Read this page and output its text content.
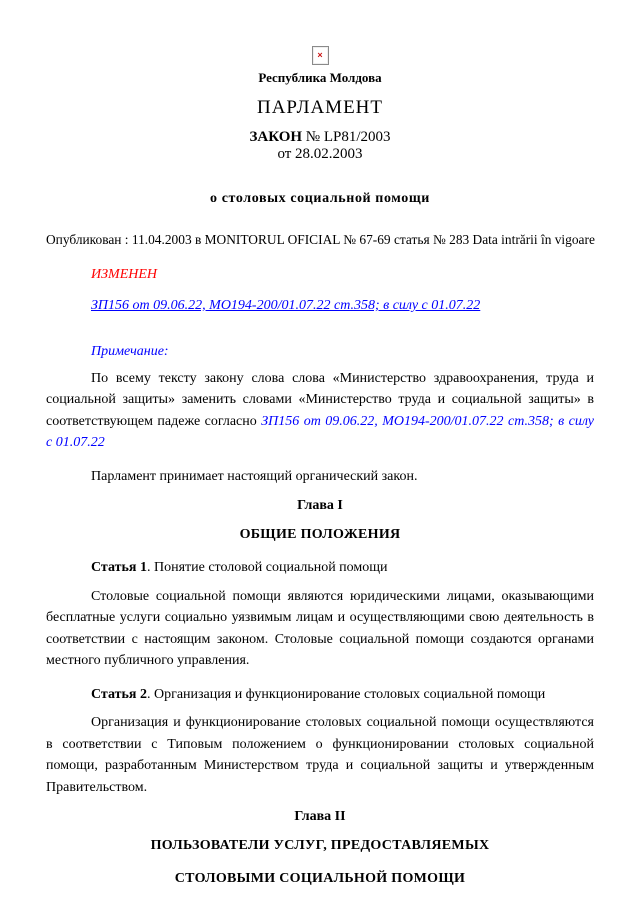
×
Республика Молдова
ПАРЛАМЕНТ
ЗАКОН № LP81/2003
от 28.02.2003
о столовых социальной помощи
Опубликован : 11.04.2003 в MONITORUL OFICIAL № 67-69 статья № 283 Data intrării în vigoare
ИЗМЕНЕН
ЗП156 от 09.06.22, МО194-200/01.07.22 ст.358; в силу с 01.07.22
Примечание:

По всему тексту закону слова слова «Министерство здравоохранения, труда и социальной защиты» заменить словами «Министерство труда и социальной защиты» в соответствующем падеже согласно ЗП156 от 09.06.22, МО194-200/01.07.22 ст.358; в силу с 01.07.22

Парламент принимает настоящий органический закон.

Глава I
ОБЩИЕ ПОЛОЖЕНИЯ

Статья 1. Понятие столовой социальной помощи

Столовые социальной помощи являются юридическими лицами, оказывающими бесплатные услуги социально уязвимым лицам и осуществляющими свою деятельность в соответствии с настоящим законом. Столовые социальной помощи создаются органами местного публичного управления.

Статья 2. Организация и функционирование столовых социальной помощи

Организация и функционирование столовых социальной помощи осуществляются в соответствии с Типовым положением о функционировании столовых социальной помощи, разработанным Министерством труда и социальной защиты и утвержденным Правительством.

Глава II
ПОЛЬЗОВАТЕЛИ УСЛУГ, ПРЕДОСТАВЛЯЕМЫХ
СТОЛОВЫМИ СОЦИАЛЬНОЙ ПОМОЩИ
